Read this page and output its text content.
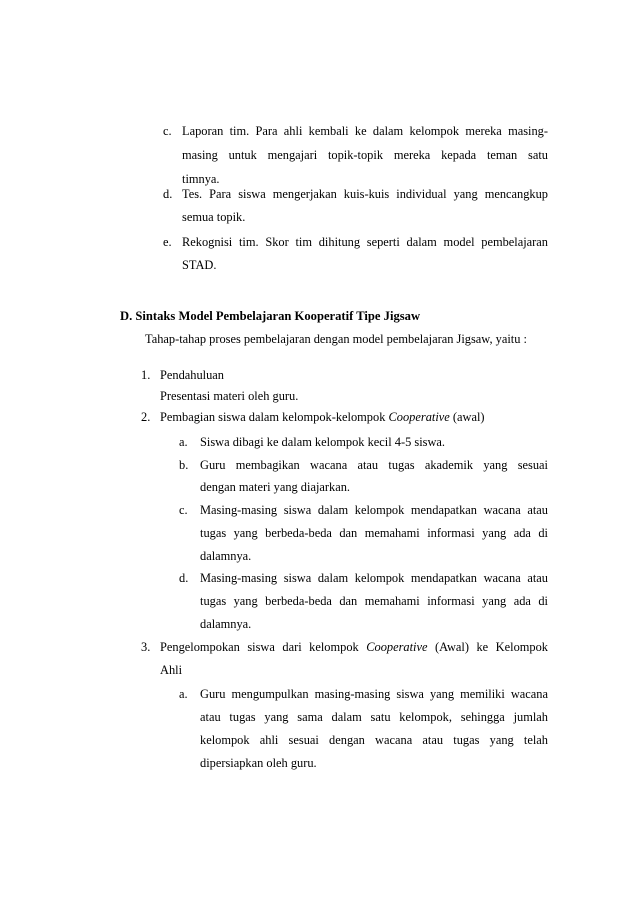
c. Laporan tim. Para ahli kembali ke dalam kelompok mereka masing-
masing untuk mengajari topik-topik mereka kepada teman satu
timnya.
d. Tes. Para siswa mengerjakan kuis-kuis individual yang mencangkup
semua topik.
e. Rekognisi tim. Skor tim dihitung seperti dalam model pembelajaran
STAD.
D. Sintaks Model Pembelajaran Kooperatif Tipe Jigsaw
Tahap-tahap proses pembelajaran dengan model pembelajaran Jigsaw, yaitu :
1. Pendahuluan
Presentasi materi oleh guru.
2. Pembagian siswa dalam kelompok-kelompok Cooperative (awal)
a. Siswa dibagi ke dalam kelompok kecil 4-5 siswa.
b. Guru membagikan wacana atau tugas akademik yang sesuai
dengan materi yang diajarkan.
c. Masing-masing siswa dalam kelompok mendapatkan wacana atau
tugas yang berbeda-beda dan memahami informasi yang ada di
dalamnya.
d. Masing-masing siswa dalam kelompok mendapatkan wacana atau
tugas yang berbeda-beda dan memahami informasi yang ada di
dalamnya.
3. Pengelompokan siswa dari kelompok Cooperative (Awal) ke Kelompok
Ahli
a. Guru mengumpulkan masing-masing siswa yang memiliki wacana
atau tugas yang sama dalam satu kelompok, sehingga jumlah
kelompok ahli sesuai dengan wacana atau tugas yang telah
dipersiapkan oleh guru.
